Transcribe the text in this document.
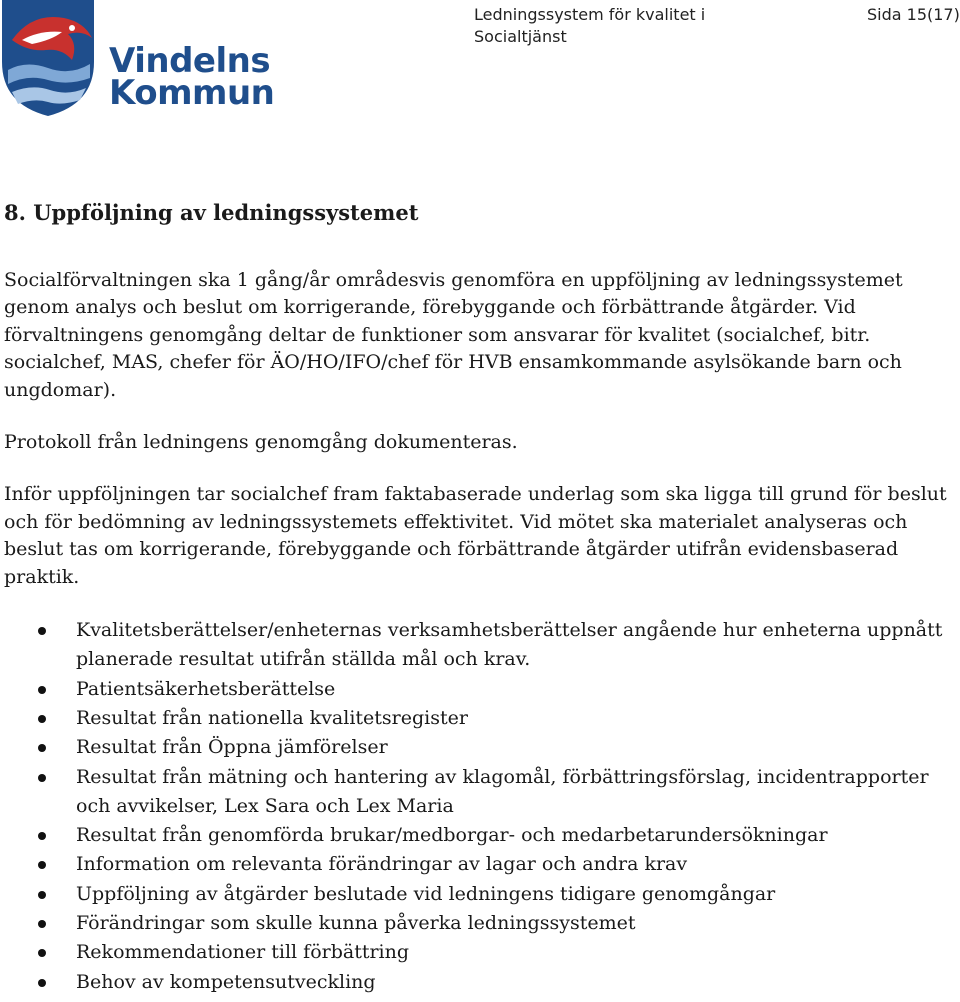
Vindelns
Kommun
Ledningssystem för kvalitet i Socialtjänst
Sida 15(17)
8. Uppföljning av ledningssystemet

Socialförvaltningen ska 1 gång/år områdesvis genomföra en uppföljning av ledningssystemet genom analys och beslut om korrigerande, förebyggande och förbättrande åtgärder. Vid förvaltningens genomgång deltar de funktioner som ansvarar för kvalitet (socialchef, bitr. socialchef, MAS, chefer för ÄO/HO/IFO/chef för HVB ensamkommande asylsökande barn och ungdomar).

Protokoll från ledningens genomgång dokumenteras.

Inför uppföljningen tar socialchef fram faktabaserade underlag som ska ligga till grund för beslut och för bedömning av ledningssystemets effektivitet. Vid mötet ska materialet analyseras och beslut tas om korrigerande, förebyggande och förbättrande åtgärder utifrån evidensbaserad praktik.

Kvalitetsberättelser/enheternas verksamhetsberättelser angående hur enheterna uppnått planerade resultat utifrån ställda mål och krav.
Patientsäkerhetsberättelse
Resultat från nationella kvalitetsregister
Resultat från Öppna jämförelser
Resultat från mätning och hantering av klagomål, förbättringsförslag, incidentrapporter och avvikelser, Lex Sara och Lex Maria
Resultat från genomförda brukar/medborgar- och medarbetarundersökningar
Information om relevanta förändringar av lagar och andra krav
Uppföljning av åtgärder beslutade vid ledningens tidigare genomgångar
Förändringar som skulle kunna påverka ledningssystemet
Rekommendationer till förbättring
Behov av kompetensutveckling
